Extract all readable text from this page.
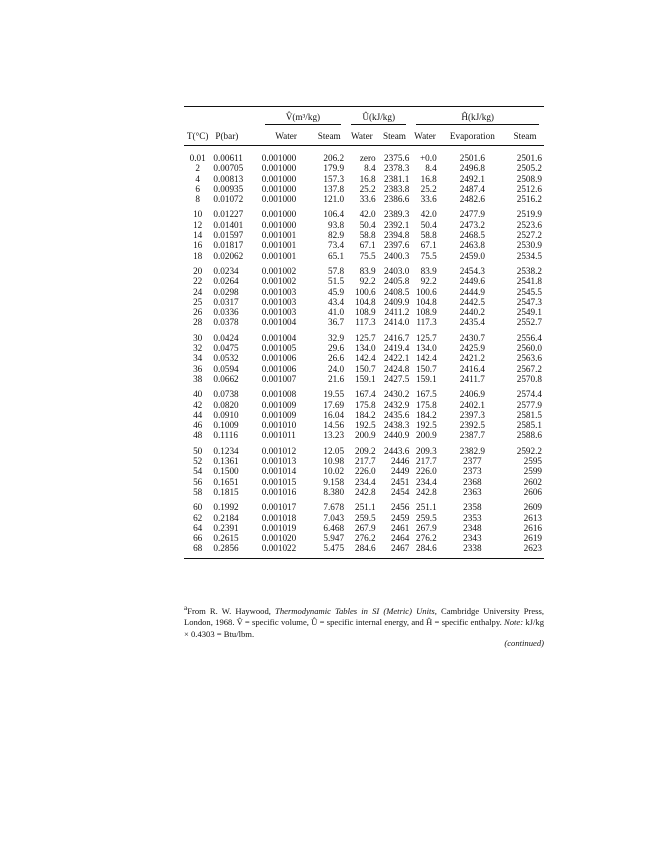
		V̂(m³/kg)		Û(kJ/kg)		Ĥ(kJ/kg)		

T(°C)	P(bar)	Water	Steam	Water	Steam	Water	Evaporation	Steam

0.01	0.00611	0.001000	206.2	zero	2375.6	+0.0	2501.6	2501.6
2	0.00705	0.001000	179.9	8.4	2378.3	8.4	2496.8	2505.2
4	0.00813	0.001000	157.3	16.8	2381.1	16.8	2492.1	2508.9
6	0.00935	0.001000	137.8	25.2	2383.8	25.2	2487.4	2512.6
8	0.01072	0.001000	121.0	33.6	2386.6	33.6	2482.6	2516.2

10	0.01227	0.001000	106.4	42.0	2389.3	42.0	2477.9	2519.9
12	0.01401	0.001000	93.8	50.4	2392.1	50.4	2473.2	2523.6
14	0.01597	0.001001	82.9	58.8	2394.8	58.8	2468.5	2527.2
16	0.01817	0.001001	73.4	67.1	2397.6	67.1	2463.8	2530.9
18	0.02062	0.001001	65.1	75.5	2400.3	75.5	2459.0	2534.5

20	0.0234	0.001002	57.8	83.9	2403.0	83.9	2454.3	2538.2
22	0.0264	0.001002	51.5	92.2	2405.8	92.2	2449.6	2541.8
24	0.0298	0.001003	45.9	100.6	2408.5	100.6	2444.9	2545.5
25	0.0317	0.001003	43.4	104.8	2409.9	104.8	2442.5	2547.3
26	0.0336	0.001003	41.0	108.9	2411.2	108.9	2440.2	2549.1
28	0.0378	0.001004	36.7	117.3	2414.0	117.3	2435.4	2552.7

30	0.0424	0.001004	32.9	125.7	2416.7	125.7	2430.7	2556.4
32	0.0475	0.001005	29.6	134.0	2419.4	134.0	2425.9	2560.0
34	0.0532	0.001006	26.6	142.4	2422.1	142.4	2421.2	2563.6
36	0.0594	0.001006	24.0	150.7	2424.8	150.7	2416.4	2567.2
38	0.0662	0.001007	21.6	159.1	2427.5	159.1	2411.7	2570.8

40	0.0738	0.001008	19.55	167.4	2430.2	167.5	2406.9	2574.4
42	0.0820	0.001009	17.69	175.8	2432.9	175.8	2402.1	2577.9
44	0.0910	0.001009	16.04	184.2	2435.6	184.2	2397.3	2581.5
46	0.1009	0.001010	14.56	192.5	2438.3	192.5	2392.5	2585.1
48	0.1116	0.001011	13.23	200.9	2440.9	200.9	2387.7	2588.6

50	0.1234	0.001012	12.05	209.2	2443.6	209.3	2382.9	2592.2
52	0.1361	0.001013	10.98	217.7	2446	217.7	2377	2595
54	0.1500	0.001014	10.02	226.0	2449	226.0	2373	2599
56	0.1651	0.001015	9.158	234.4	2451	234.4	2368	2602
58	0.1815	0.001016	8.380	242.8	2454	242.8	2363	2606

60	0.1992	0.001017	7.678	251.1	2456	251.1	2358	2609
62	0.2184	0.001018	7.043	259.5	2459	259.5	2353	2613
64	0.2391	0.001019	6.468	267.9	2461	267.9	2348	2616
66	0.2615	0.001020	5.947	276.2	2464	276.2	2343	2619
68	0.2856	0.001022	5.475	284.6	2467	284.6	2338	2623

$^a$From R. W. Haywood, Thermodynamic Tables in SI (Metric) Units, Cambridge University Press, London, 1968. V̂ = specific volume, Û = specific internal energy, and Ĥ = specific enthalpy. Note: kJ/kg × 0.4303 = Btu/lbm.
(continued)
